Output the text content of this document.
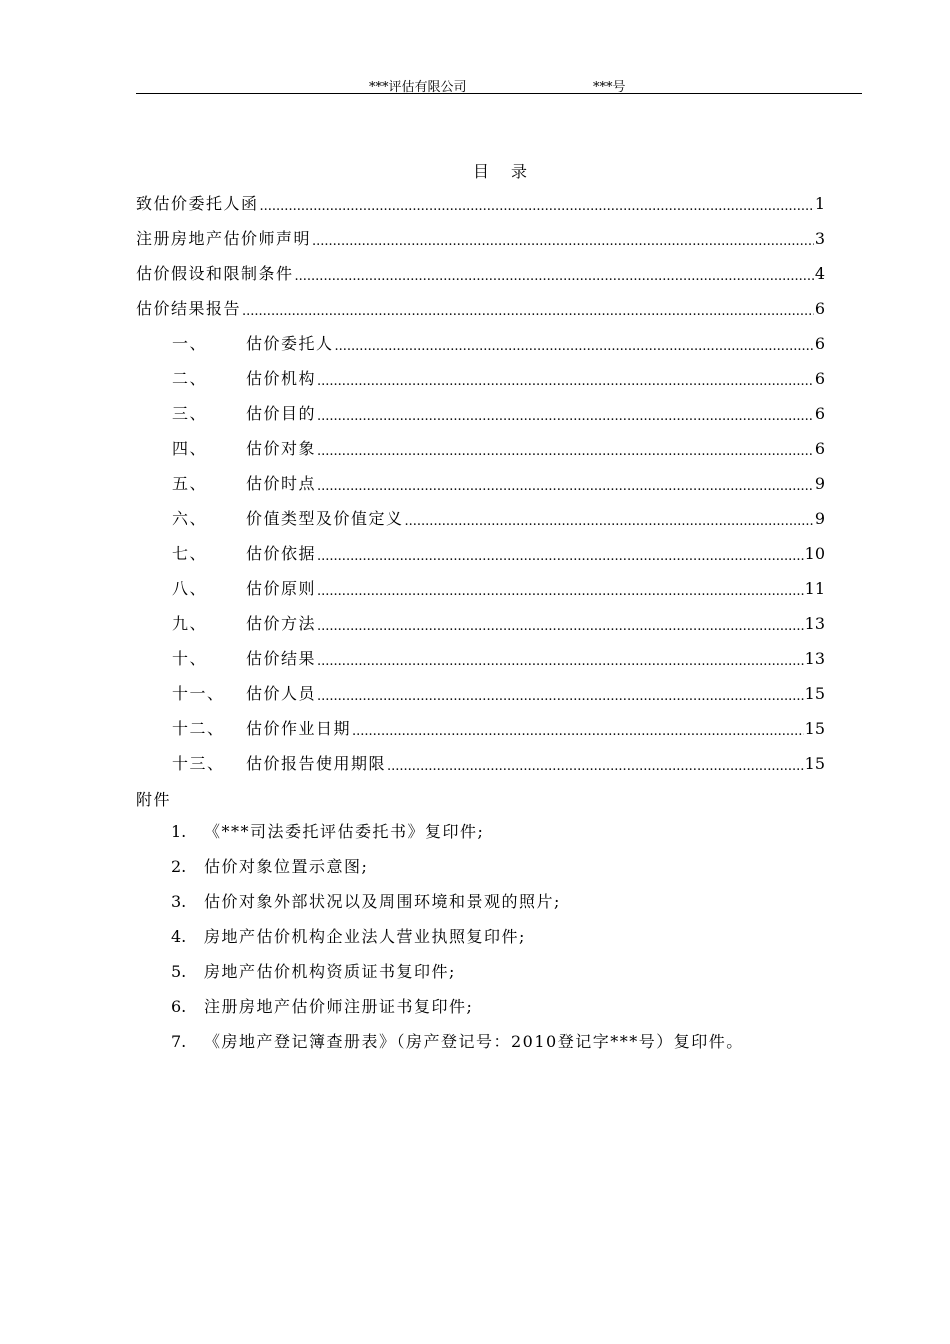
***评估有限公司	***号
目录
致估价委托人函 .....	1
注册房地产估价师声明 .....	3
估价假设和限制条件 .....	4
估价结果报告 .....	6
一、	估价委托人 .....	6
二、	估价机构 .....	6
三、	估价目的 .....	6
四、	估价对象 .....	6
五、	估价时点 .....	9
六、	价值类型及价值定义 .....	9
七、	估价依据 .....	10
八、	估价原则 .....	11
九、	估价方法 .....	13
十、	估价结果 .....	13
十一、	估价人员 .....	15
十二、	估价作业日期 .....	15
十三、	估价报告使用期限 .....	15
附件
1. 《***司法委托评估委托书》复印件;
2. 估价对象位置示意图;
3. 估价对象外部状况以及周围环境和景观的照片;
4. 房地产估价机构企业法人营业执照复印件;
5. 房地产估价机构资质证书复印件;
6. 注册房地产估价师注册证书复印件;
7. 《房地产登记簿查册表》（房产登记号：2010登记字***号）复印件。
